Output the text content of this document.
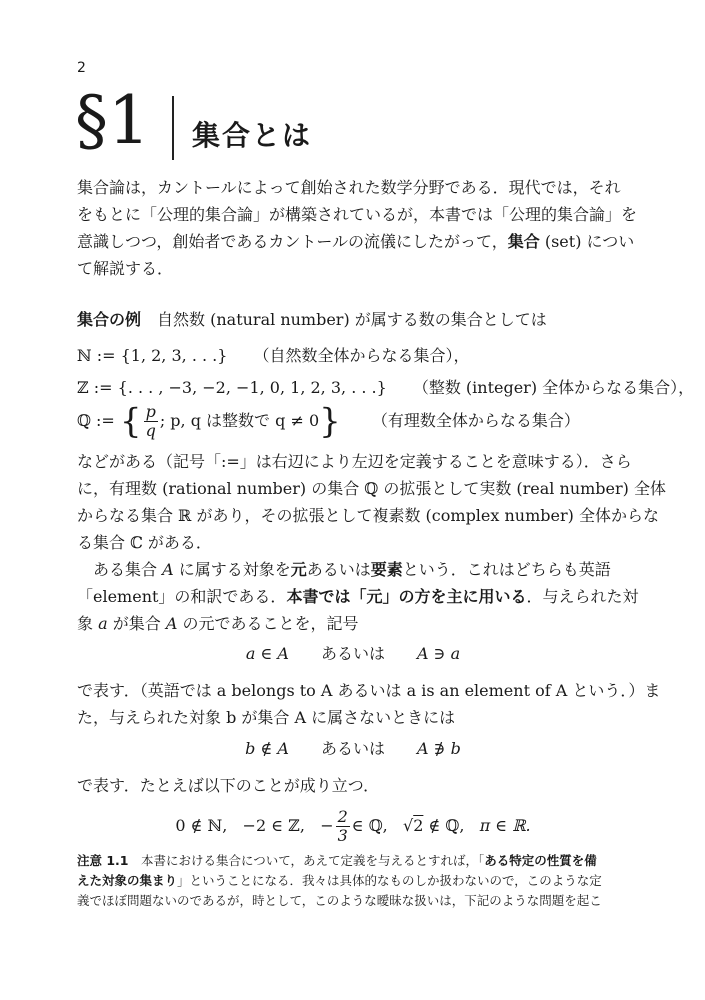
2
§1 集合とは
集合論は，カントールによって創始された数学分野である．現代では，それ
をもとに「公理的集合論」が構築されているが，本書では「公理的集合論」を
意識しつつ，創始者であるカントールの流儀にしたがって，集合 (set) につい
て解説する．
集合の例　自然数 (natural number) が属する数の集合としては
ℕ := {1, 2, 3, . . .} （自然数全体からなる集合），
ℤ := {. . . , −3, −2, −1, 0, 1, 2, 3, . . .} （整数 (integer) 全体からなる集合），
ℚ := { $\frac{p}{q}$ ; p, q は整数で q ≠ 0} （有理数全体からなる集合）
などがある（記号「:=」は右辺により左辺を定義することを意味する）．さら
に，有理数 (rational number) の集合 ℚ の拡張として実数 (real number) 全体
からなる集合 ℝ があり，その拡張として複素数 (complex number) 全体からな
る集合 ℂ がある．
　ある集合 A に属する対象を元あるいは要素という．これはどちらも英語
「element」の和訳である．本書では「元」の方を主に用いる．与えられた対
象 a が集合 A の元であることを，記号
a ∈ A あるいは A ∋ a
で表す．（英語では a belongs to A あるいは a is an element of A という．）ま
た，与えられた対象 b が集合 A に属さないときには
b ∉ A あるいは A ∌ b
で表す．たとえば以下のことが成り立つ．
0 ∉ ℕ, −2 ∈ ℤ, − $\frac{2}{3}$ ∈ ℚ, √2 ∉ ℚ, π ∈ ℝ.
注意 1.1　本書における集合について，あえて定義を与えるとすれば，「ある特定の性質を備
えた対象の集まり」ということになる．我々は具体的なものしか扱わないので，このような定
義でほぼ問題ないのであるが，時として，このような曖昧な扱いは，下記のような問題を起こ
